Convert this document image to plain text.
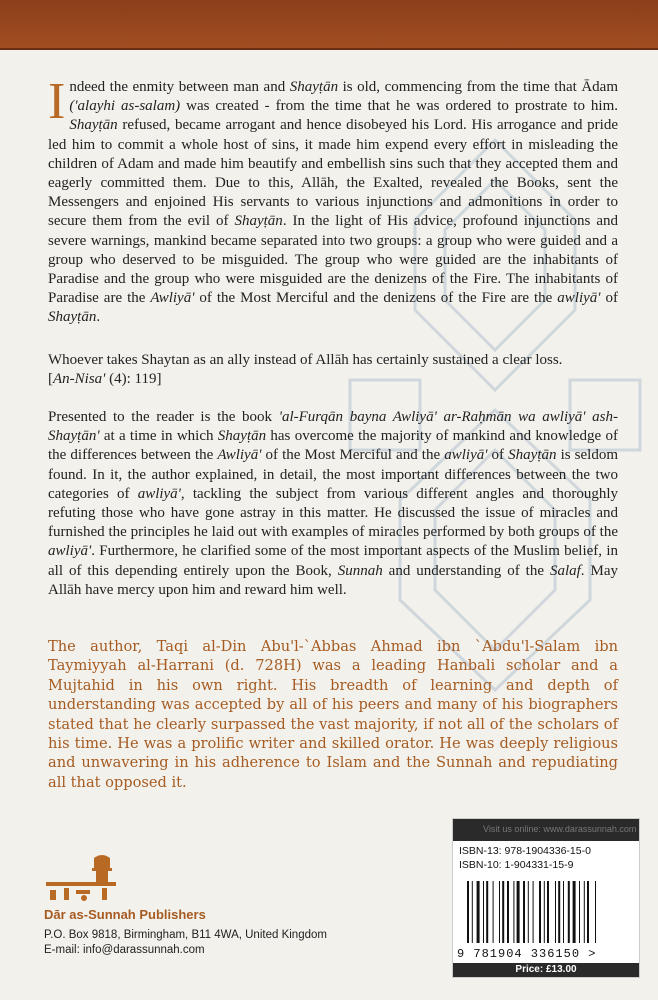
Indeed the enmity between man and Shayṭān is old, commencing from the time that Ādam ('alayhi as-salam) was created - from the time that he was ordered to prostrate to him. Shayṭān refused, became arrogant and hence disobeyed his Lord. His arrogance and pride led him to commit a whole host of sins, it made him expend every effort in misleading the children of Adam and made him beautify and embellish sins such that they accepted them and eagerly committed them. Due to this, Allāh, the Exalted, revealed the Books, sent the Messengers and enjoined His servants to various injunctions and admonitions in order to secure them from the evil of Shayṭān. In the light of His advice, profound injunctions and severe warnings, mankind became separated into two groups: a group who were guided and a group who deserved to be misguided. The group who were guided are the inhabitants of Paradise and the group who were misguided are the denizens of the Fire. The inhabitants of Paradise are the Awliyā' of the Most Merciful and the denizens of the Fire are the awliyā' of Shayṭān.

Whoever takes Shaytan as an ally instead of Allāh has certainly sustained a clear loss.
[An-Nisa' (4): 119]

Presented to the reader is the book 'al-Furqān bayna Awliyā' ar-Raḥmān wa awliyā' ash-Shayṭān' at a time in which Shayṭān has overcome the majority of mankind and knowledge of the differences between the Awliyā' of the Most Merciful and the awliyā' of Shayṭān is seldom found. In it, the author explained, in detail, the most important differences between the two categories of awliyā', tackling the subject from various different angles and thoroughly refuting those who have gone astray in this matter. He discussed the issue of miracles and furnished the principles he laid out with examples of miracles performed by both groups of the awliyā'. Furthermore, he clarified some of the most important aspects of the Muslim belief, in all of this depending entirely upon the Book, Sunnah and understanding of the Salaf. May Allāh have mercy upon him and reward him well.

The author, Taqi al-Din Abu'l-`Abbas Ahmad ibn `Abdu'l-Salam ibn Taymiyyah al-Harrani (d. 728H) was a leading Hanbali scholar and a Mujtahid in his own right. His breadth of learning and depth of understanding was accepted by all of his peers and many of his biographers stated that he clearly surpassed the vast majority, if not all of the scholars of his time. He was a prolific writer and skilled orator. He was deeply religious and unwavering in his adherence to Islam and the Sunnah and repudiating all that opposed it.
دار السنة
Dār as-Sunnah Publishers
P.O. Box 9818, Birmingham, B11 4WA, United Kingdom
E-mail: info@darassunnah.com
Visit us online: www.darassunnah.com
ISBN-13: 978-1904336-15-0
ISBN-10: 1-904331-15-9
9 781904 336150 >
Price: £13.00
